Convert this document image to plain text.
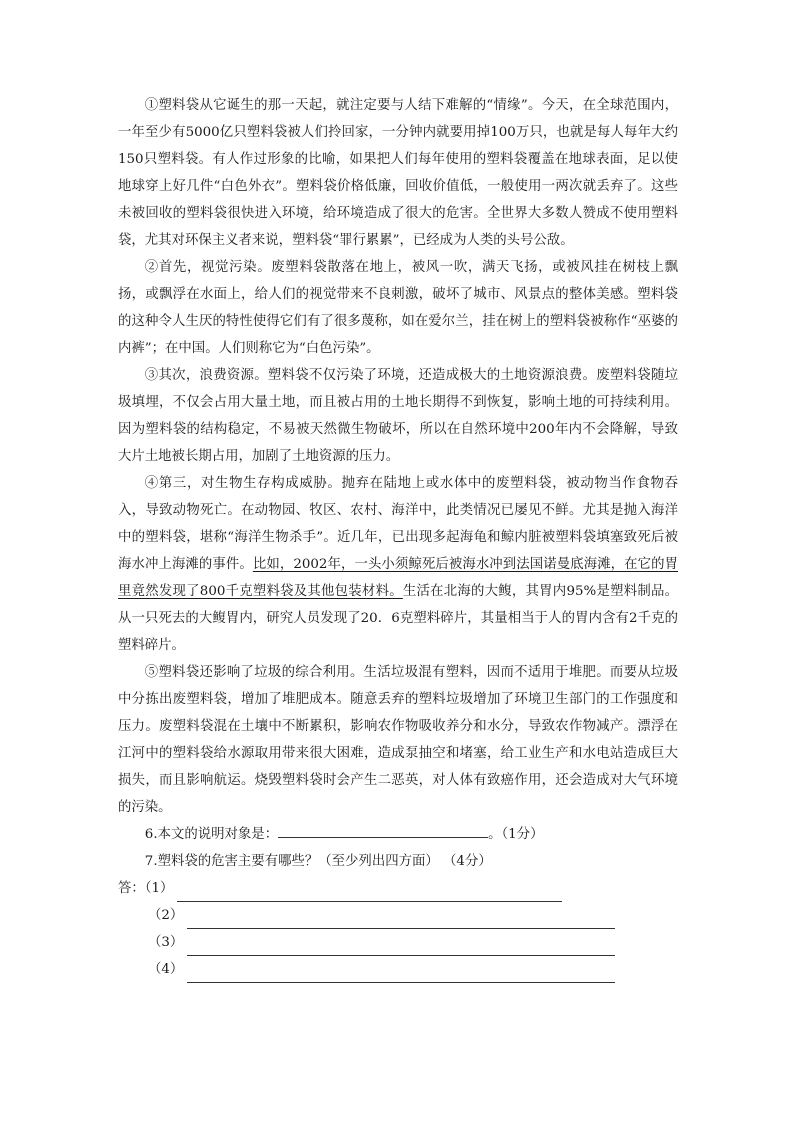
①塑料袋从它诞生的那一天起，就注定要与人结下难解的“情缘”。今天，在全球范围内，一年至少有5000亿只塑料袋被人们拎回家，一分钟内就要用掉100万只，也就是每人每年大约150只塑料袋。有人作过形象的比喻，如果把人们每年使用的塑料袋覆盖在地球表面，足以使地球穿上好几件“白色外衣”。塑料袋价格低廉，回收价值低，一般使用一两次就丢弃了。这些未被回收的塑料袋很快进入环境，给环境造成了很大的危害。全世界大多数人赞成不使用塑料袋，尤其对环保主义者来说，塑料袋“罪行累累”，已经成为人类的头号公敌。

②首先，视觉污染。废塑料袋散落在地上，被风一吹，满天飞扬，或被风挂在树枝上飘扬，或飘浮在水面上，给人们的视觉带来不良刺激，破坏了城市、风景点的整体美感。塑料袋的这种令人生厌的特性使得它们有了很多蔑称，如在爱尔兰，挂在树上的塑料袋被称作“巫婆的内裤”；在中国。人们则称它为“白色污染”。

③其次，浪费资源。塑料袋不仅污染了环境，还造成极大的土地资源浪费。废塑料袋随垃圾填埋，不仅会占用大量土地，而且被占用的土地长期得不到恢复，影响土地的可持续利用。因为塑料袋的结构稳定，不易被天然微生物破坏，所以在自然环境中200年内不会降解，导致大片土地被长期占用，加剧了土地资源的压力。

④第三，对生物生存构成威胁。抛弃在陆地上或水体中的废塑料袋，被动物当作食物吞入，导致动物死亡。在动物园、牧区、农村、海洋中，此类情况已屡见不鲜。尤其是抛入海洋中的塑料袋，堪称“海洋生物杀手”。近几年，已出现多起海龟和鲸内脏被塑料袋填塞致死后被海水冲上海滩的事件。比如，2002年，一头小须鲸死后被海水冲到法国诺曼底海滩，在它的胃里竟然发现了800千克塑料袋及其他包装材料。生活在北海的大鳆，其胃内95%是塑料制品。从一只死去的大鳆胃内，研究人员发现了20．6克塑料碎片，其量相当于人的胃内含有2千克的塑料碎片。

⑤塑料袋还影响了垃圾的综合利用。生活垃圾混有塑料，因而不适用于堆肥。而要从垃圾中分拣出废塑料袋，增加了堆肥成本。随意丢弃的塑料垃圾增加了环境卫生部门的工作强度和压力。废塑料袋混在土壤中不断累积，影响农作物吸收养分和水分，导致农作物减产。漂浮在江河中的塑料袋给水源取用带来很大困难，造成泵抽空和堵塞，给工业生产和水电站造成巨大损失，而且影响航运。烧毁塑料袋时会产生二恶英，对人体有致癌作用，还会造成对大气环境的污染。

6.本文的说明对象是：	。（1分）

7.塑料袋的危害主要有哪些？（至少列出四方面） （4分）

答：（1）

（2）

（3）

（4）
